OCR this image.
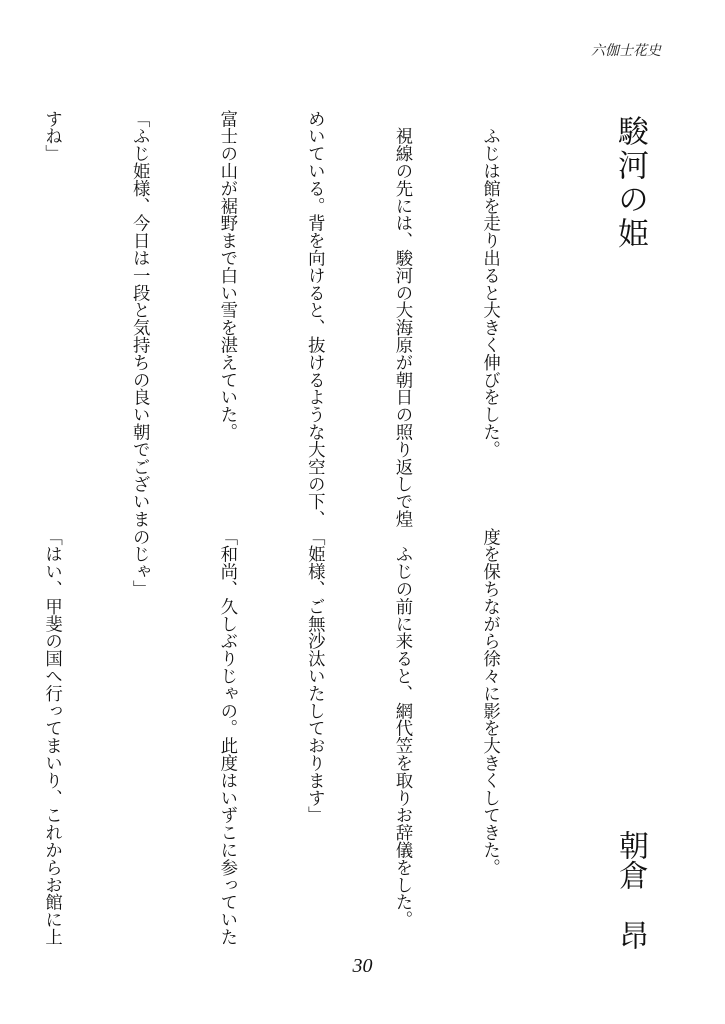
六伽士花史
駿河の姫
朝倉　昂

ふじは館を走り出ると大きく伸びをした。

視線の先には、駿河の大海原が朝日の照り返しで煌

めいている。背を向けると、抜けるような大空の下、

富士の山が裾野まで白い雪を湛えていた。

「ふじ姫様、今日は一段と気持ちの良い朝でございま

すね」

度を保ちながら徐々に影を大きくしてきた。

ふじの前に来ると、網代笠を取りお辞儀をした。

「姫様、ご無沙汰いたしております」

「和尚、久しぶりじゃの。此度はいずこに参っていた

のじゃ」

「はい、甲斐の国へ行ってまいり、これからお館に上

30
